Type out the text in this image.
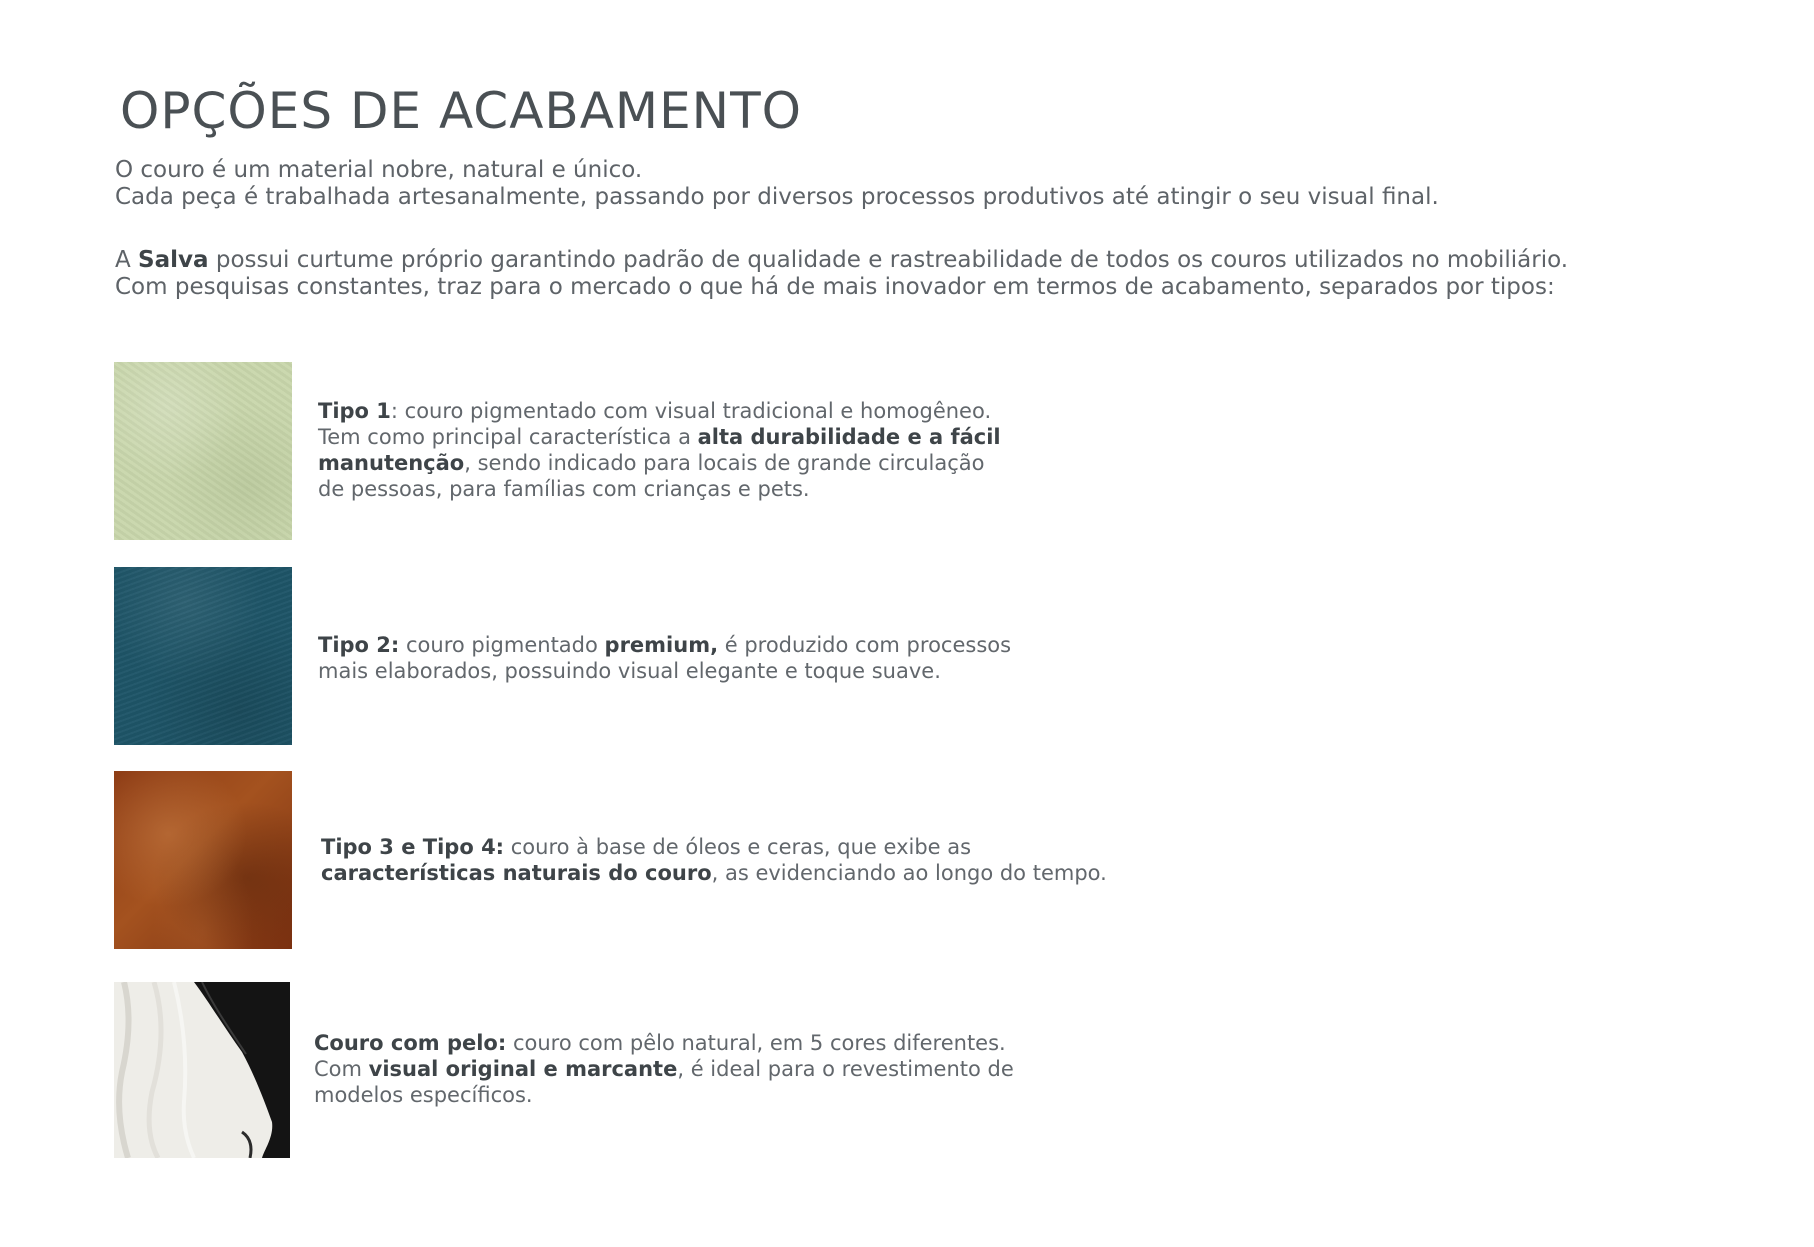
OPÇÕES DE ACABAMENTO

O couro é um material nobre, natural e único.

Cada peça é trabalhada artesanalmente, passando por diversos processos produtivos até atingir o seu visual final.

A Salva possui curtume próprio garantindo padrão de qualidade e rastreabilidade de todos os couros utilizados no mobiliário.

Com pesquisas constantes, traz para o mercado o que há de mais inovador em termos de acabamento, separados por tipos:

Tipo 1: couro pigmentado com visual tradicional e homogêneo.

Tem como principal característica a alta durabilidade e a fácil

manutenção, sendo indicado para locais de grande circulação

de pessoas, para famílias com crianças e pets.

Tipo 2: couro pigmentado premium, é produzido com processos

mais elaborados, possuindo visual elegante e toque suave.

Tipo 3 e Tipo 4: couro à base de óleos e ceras, que exibe as

características naturais do couro, as evidenciando ao longo do tempo.

Couro com pelo: couro com pêlo natural, em 5 cores diferentes.

Com visual original e marcante, é ideal para o revestimento de

modelos específicos.
